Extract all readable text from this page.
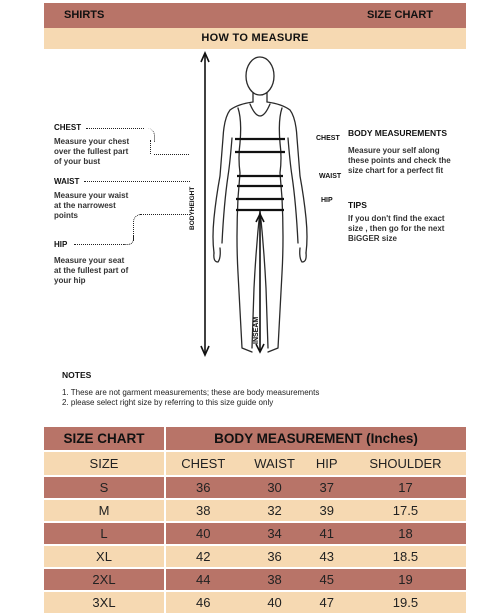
SHIRTS	SIZE CHART
HOW TO MEASURE
BODYHEIGHT
INSEAM
CHEST
WAIST
HIP
CHEST
Measure your chest
over the fullest part
of your bust
WAIST
Measure your waist
at the narrowest
points
HIP
Measure your seat
at the fullest part of
your hip
BODY MEASUREMENTS
Measure your self along
these points and check the
size chart for a perfect fit
TIPS
If you don't find the exact
size , then go for the next
BiGGER size
NOTES
1. These are not garment measurements; these are body measurements
2. please select right size by referring to this size guide only
SIZE CHART	BODY MEASUREMENT (Inches)			
SIZE	CHEST	WAIST	HIP	SHOULDER
S	36	30	37	17
M	38	32	39	17.5
L	40	34	41	18
XL	42	36	43	18.5
2XL	44	38	45	19
3XL	46	40	47	19.5
